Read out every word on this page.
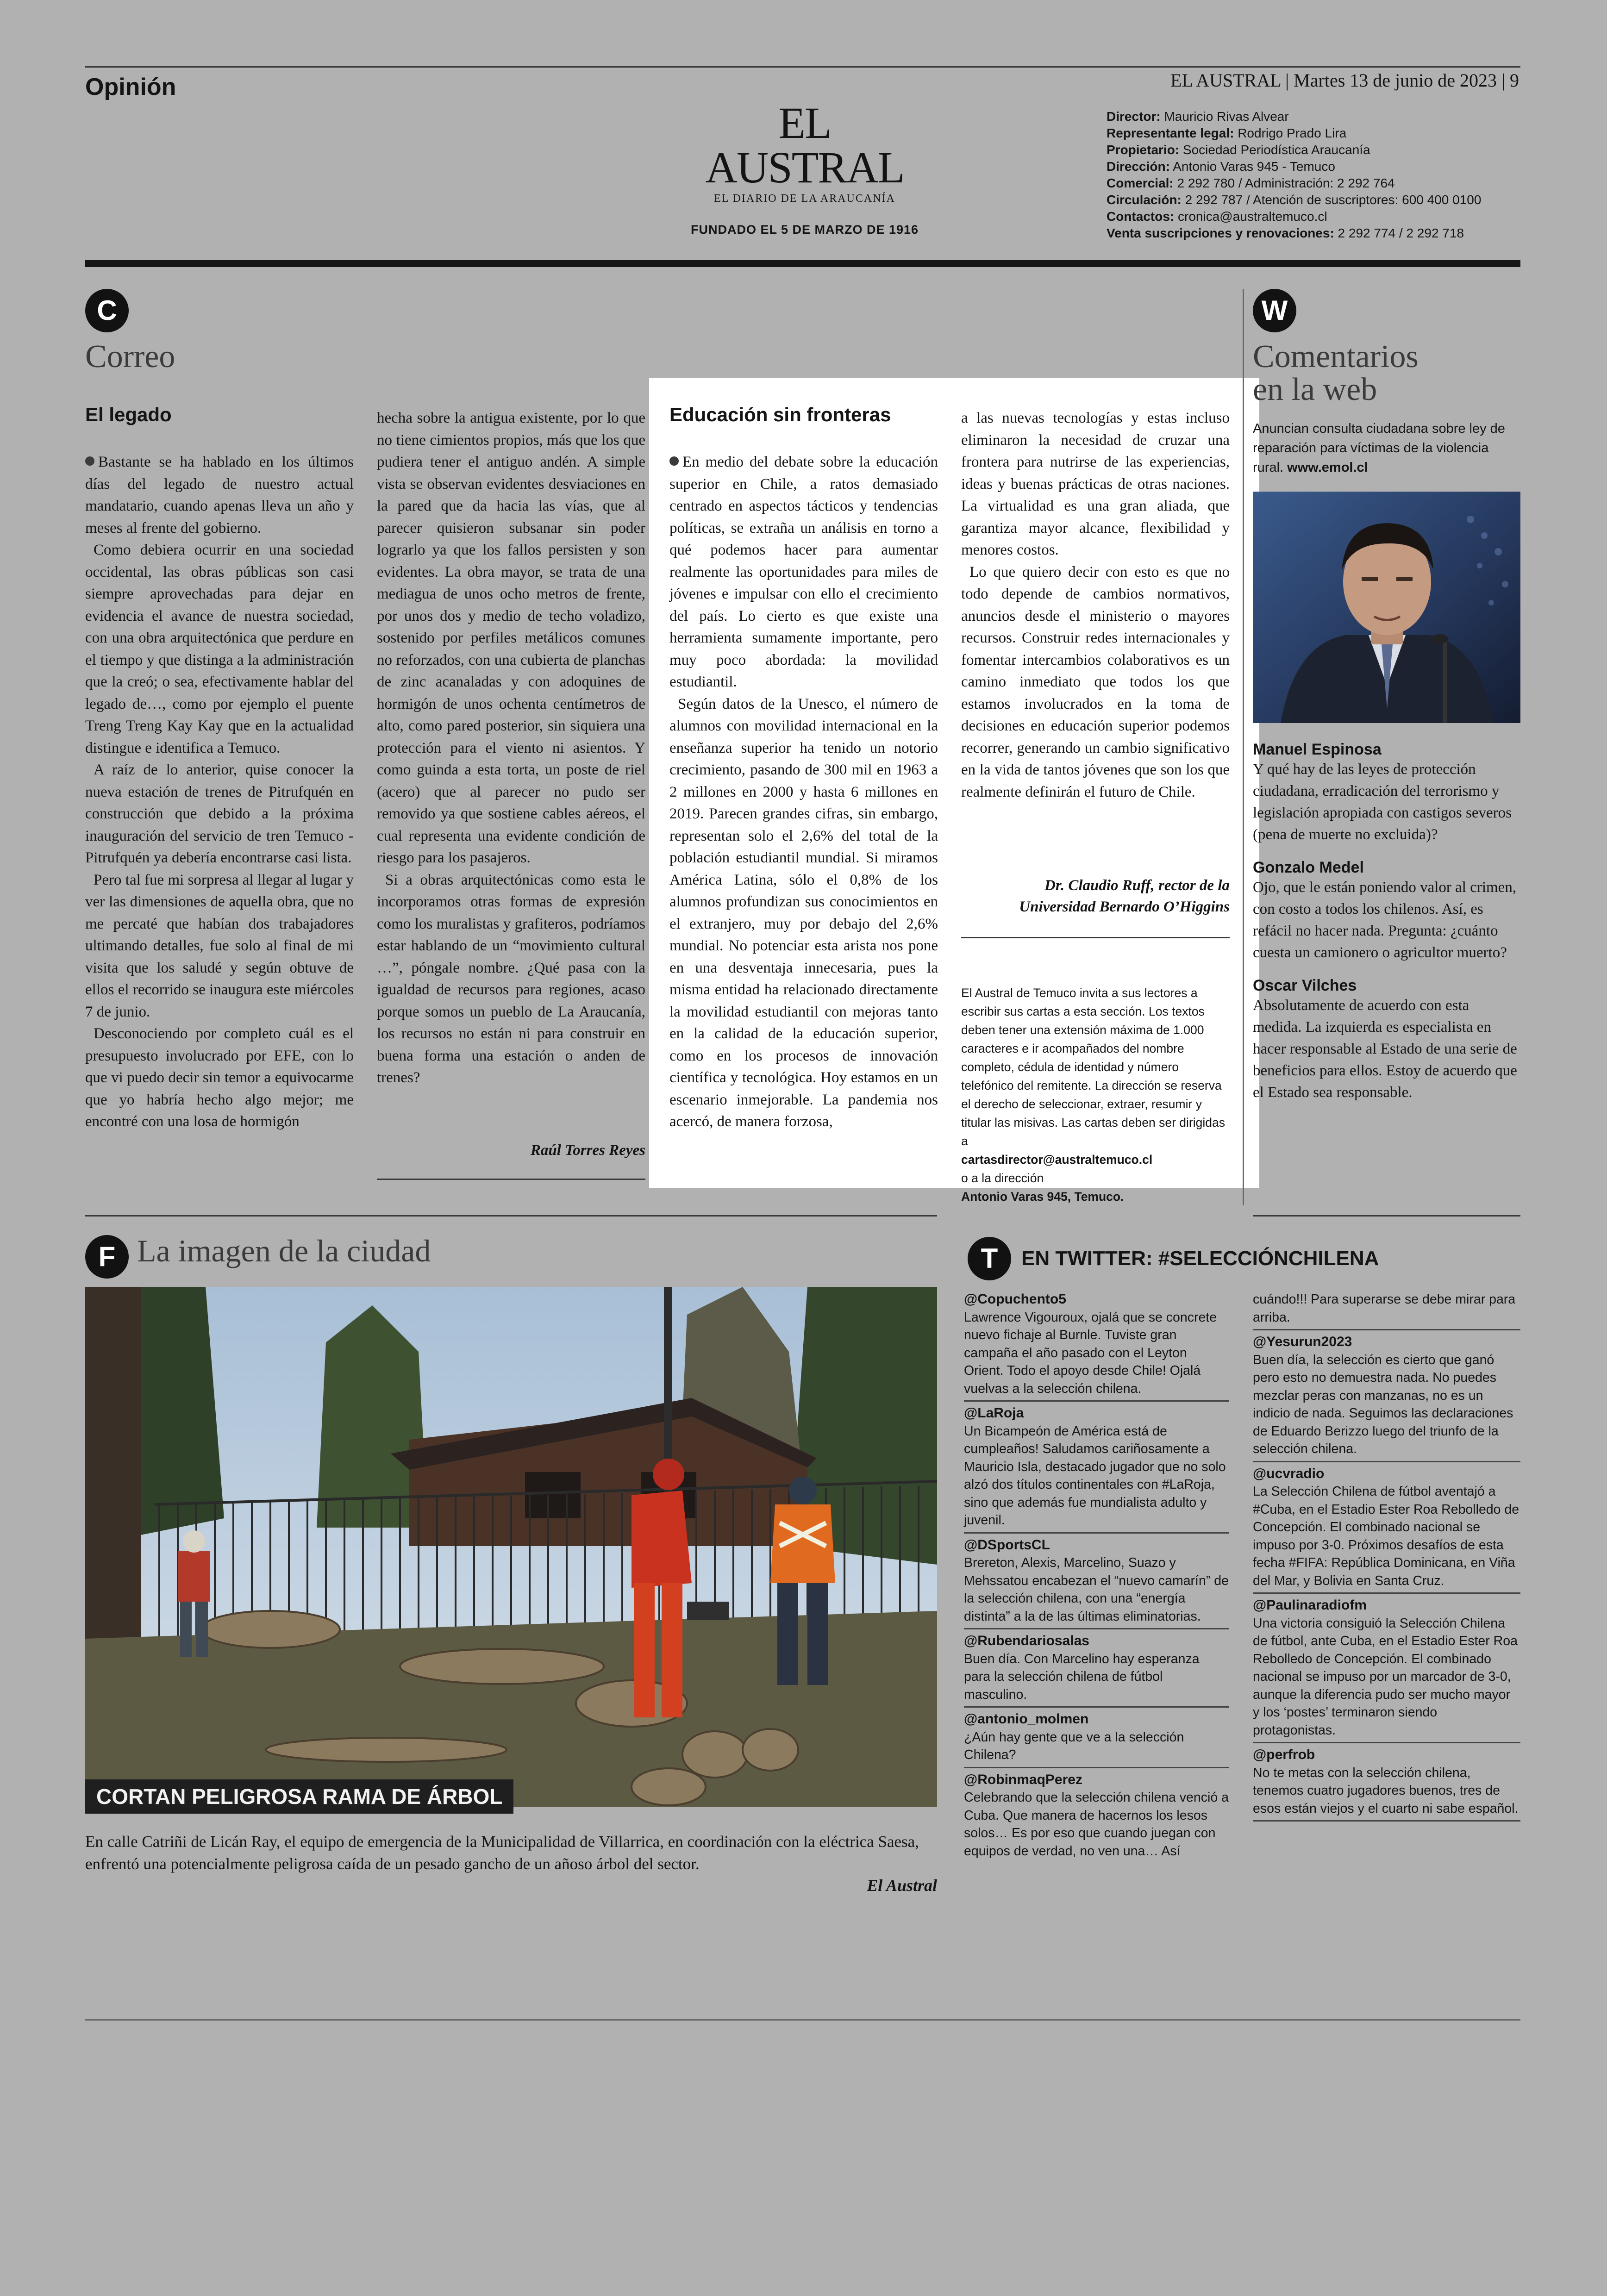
Opinión	EL AUSTRAL | Martes 13 de junio de 2023 | 9
EL AUSTRAL
EL DIARIO DE LA ARAUCANÍA
FUNDADO EL 5 DE MARZO DE 1916
Director: Mauricio Rivas Alvear
Representante legal: Rodrigo Prado Lira
Propietario: Sociedad Periodística Araucanía
Dirección: Antonio Varas 945 - Temuco
Comercial: 2 292 780 / Administración: 2 292 764
Circulación: 2 292 787 / Atención de suscriptores: 600 400 0100
Contactos: cronica@australtemuco.cl
Venta suscripciones y renovaciones: 2 292 774 / 2 292 718
C
Correo
El legado

Bastante se ha hablado en los últimos días del legado de nuestro actual mandatario, cuando apenas lleva un año y meses al frente del gobierno.

Como debiera ocurrir en una sociedad occidental, las obras públicas son casi siempre aprovechadas para dejar en evidencia el avance de nuestra sociedad, con una obra arquitectónica que perdure en el tiempo y que distinga a la administración que la creó; o sea, efectivamente hablar del legado de…, como por ejemplo el puente Treng Treng Kay Kay que en la actualidad distingue e identifica a Temuco.

A raíz de lo anterior, quise conocer la nueva estación de trenes de Pitrufquén en construcción que debido a la próxima inauguración del servicio de tren Temuco - Pitrufquén ya debería encontrarse casi lista.

Pero tal fue mi sorpresa al llegar al lugar y ver las dimensiones de aquella obra, que no me percaté que habían dos trabajadores ultimando detalles, fue solo al final de mi visita que los saludé y según obtuve de ellos el recorrido se inaugura este miércoles 7 de junio.

Desconociendo por completo cuál es el presupuesto involucrado por EFE, con lo que vi puedo decir sin temor a equivocarme que yo habría hecho algo mejor; me encontré con una losa de hormigón

hecha sobre la antigua existente, por lo que no tiene cimientos propios, más que los que pudiera tener el antiguo andén. A simple vista se observan evidentes desviaciones en la pared que da hacia las vías, que al parecer quisieron subsanar sin poder lograrlo ya que los fallos persisten y son evidentes. La obra mayor, se trata de una mediagua de unos ocho metros de frente, por unos dos y medio de techo voladizo, sostenido por perfiles metálicos comunes no reforzados, con una cubierta de planchas de zinc acanaladas y con adoquines de hormigón de unos ochenta centímetros de alto, como pared posterior, sin siquiera una protección para el viento ni asientos. Y como guinda a esta torta, un poste de riel (acero) que al parecer no pudo ser removido ya que sostiene cables aéreos, el cual representa una evidente condición de riesgo para los pasajeros.

Si a obras arquitectónicas como esta le incorporamos otras formas de expresión como los muralistas y grafiteros, podríamos estar hablando de un “movimiento cultural …”, póngale nombre. ¿Qué pasa con la igualdad de recursos para regiones, acaso porque somos un pueblo de La Araucanía, los recursos no están ni para construir en buena forma una estación o anden de trenes?

Raúl Torres Reyes
Educación sin fronteras

En medio del debate sobre la educación superior en Chile, a ratos demasiado centrado en aspectos tácticos y tendencias políticas, se extraña un análisis en torno a qué podemos hacer para aumentar realmente las oportunidades para miles de jóvenes e impulsar con ello el crecimiento del país. Lo cierto es que existe una herramienta sumamente importante, pero muy poco abordada: la movilidad estudiantil.

Según datos de la Unesco, el número de alumnos con movilidad internacional en la enseñanza superior ha tenido un notorio crecimiento, pasando de 300 mil en 1963 a 2 millones en 2000 y hasta 6 millones en 2019. Parecen grandes cifras, sin embargo, representan solo el 2,6% del total de la población estudiantil mundial. Si miramos América Latina, sólo el 0,8% de los alumnos profundizan sus conocimientos en el extranjero, muy por debajo del 2,6% mundial. No potenciar esta arista nos pone en una desventaja innecesaria, pues la misma entidad ha relacionado directamente la movilidad estudiantil con mejoras tanto en la calidad de la educación superior, como en los procesos de innovación científica y tecnológica. Hoy estamos en un escenario inmejorable. La pandemia nos acercó, de manera forzosa,

a las nuevas tecnologías y estas incluso eliminaron la necesidad de cruzar una frontera para nutrirse de las experiencias, ideas y buenas prácticas de otras naciones. La virtualidad es una gran aliada, que garantiza mayor alcance, flexibilidad y menores costos.

Lo que quiero decir con esto es que no todo depende de cambios normativos, anuncios desde el ministerio o mayores recursos. Construir redes internacionales y fomentar intercambios colaborativos es un camino inmediato que todos los que estamos involucrados en la toma de decisiones en educación superior podemos recorrer, generando un cambio significativo en la vida de tantos jóvenes que son los que realmente definirán el futuro de Chile.

Dr. Claudio Ruff, rector de la
Universidad Bernardo O’Higgins
El Austral de Temuco invita a sus lectores a escribir sus cartas a esta sección. Los textos deben tener una extensión máxima de 1.000 caracteres e ir acompañados del nombre completo, cédula de identidad y número telefónico del remitente. La dirección se reserva el derecho de seleccionar, extraer, resumir y titular las misivas. Las cartas deben ser dirigidas a
cartasdirector@australtemuco.cl
o a la dirección
Antonio Varas 945, Temuco.
W
Comentarios
en la web
Anuncian consulta ciudadana sobre ley de reparación para víctimas de la violencia rural. www.emol.cl
Manuel Espinosa
Y qué hay de las leyes de protección ciudadana, erradicación del terrorismo y legislación apropiada con castigos severos (pena de muerte no excluida)?
Gonzalo Medel
Ojo, que le están poniendo valor al crimen, con costo a todos los chilenos. Así, es refácil no hacer nada. Pregunta: ¿cuánto cuesta un camionero o agricultor muerto?
Oscar Vilches
Absolutamente de acuerdo con esta medida. La izquierda es especialista en hacer responsable al Estado de una serie de beneficios para ellos. Estoy de acuerdo que el Estado sea responsable.
F La imagen de la ciudad
CORTAN PELIGROSA RAMA DE ÁRBOL
En calle Catriñi de Licán Ray, el equipo de emergencia de la Municipalidad de Villarrica, en coordinación con la eléctrica Saesa, enfrentó una potencialmente peligrosa caída de un pesado gancho de un añoso árbol del sector.
El Austral
T	EN TWITTER: #SELECCIÓNCHILENA
@Copuchento5
Lawrence Vigouroux, ojalá que se concrete nuevo fichaje al Burnle. Tuviste gran campaña el año pasado con el Leyton Orient. Todo el apoyo desde Chile! Ojalá vuelvas a la selección chilena.
@LaRoja
Un Bicampeón de América está de cumpleaños! Saludamos cariñosamente a Mauricio Isla, destacado jugador que no solo alzó dos títulos continentales con #LaRoja, sino que además fue mundialista adulto y juvenil.
@DSportsCL
Brereton, Alexis, Marcelino, Suazo y Mehssatou encabezan el “nuevo camarín” de la selección chilena, con una “energía distinta” a la de las últimas eliminatorias.
@Rubendariosalas
Buen día. Con Marcelino hay esperanza para la selección chilena de fútbol masculino.
@antonio_molmen
¿Aún hay gente que ve a la selección Chilena?
@RobinmaqPerez
Celebrando que la selección chilena venció a Cuba. Que manera de hacernos los lesos solos… Es por eso que cuando juegan con equipos de verdad, no ven una… Así
cuándo!!! Para superarse se debe mirar para arriba.
@Yesurun2023
Buen día, la selección es cierto que ganó pero esto no demuestra nada. No puedes mezclar peras con manzanas, no es un indicio de nada. Seguimos las declaraciones de Eduardo Berizzo luego del triunfo de la selección chilena.
@ucvradio
La Selección Chilena de fútbol aventajó a #Cuba, en el Estadio Ester Roa Rebolledo de Concepción. El combinado nacional se impuso por 3-0. Próximos desafíos de esta fecha #FIFA: República Dominicana, en Viña del Mar, y Bolivia en Santa Cruz.
@Paulinaradiofm
Una victoria consiguió la Selección Chilena de fútbol, ante Cuba, en el Estadio Ester Roa Rebolledo de Concepción. El combinado nacional se impuso por un marcador de 3-0, aunque la diferencia pudo ser mucho mayor y los ‘postes’ terminaron siendo protagonistas.
@perfrob
No te metas con la selección chilena, tenemos cuatro jugadores buenos, tres de esos están viejos y el cuarto ni sabe español.
